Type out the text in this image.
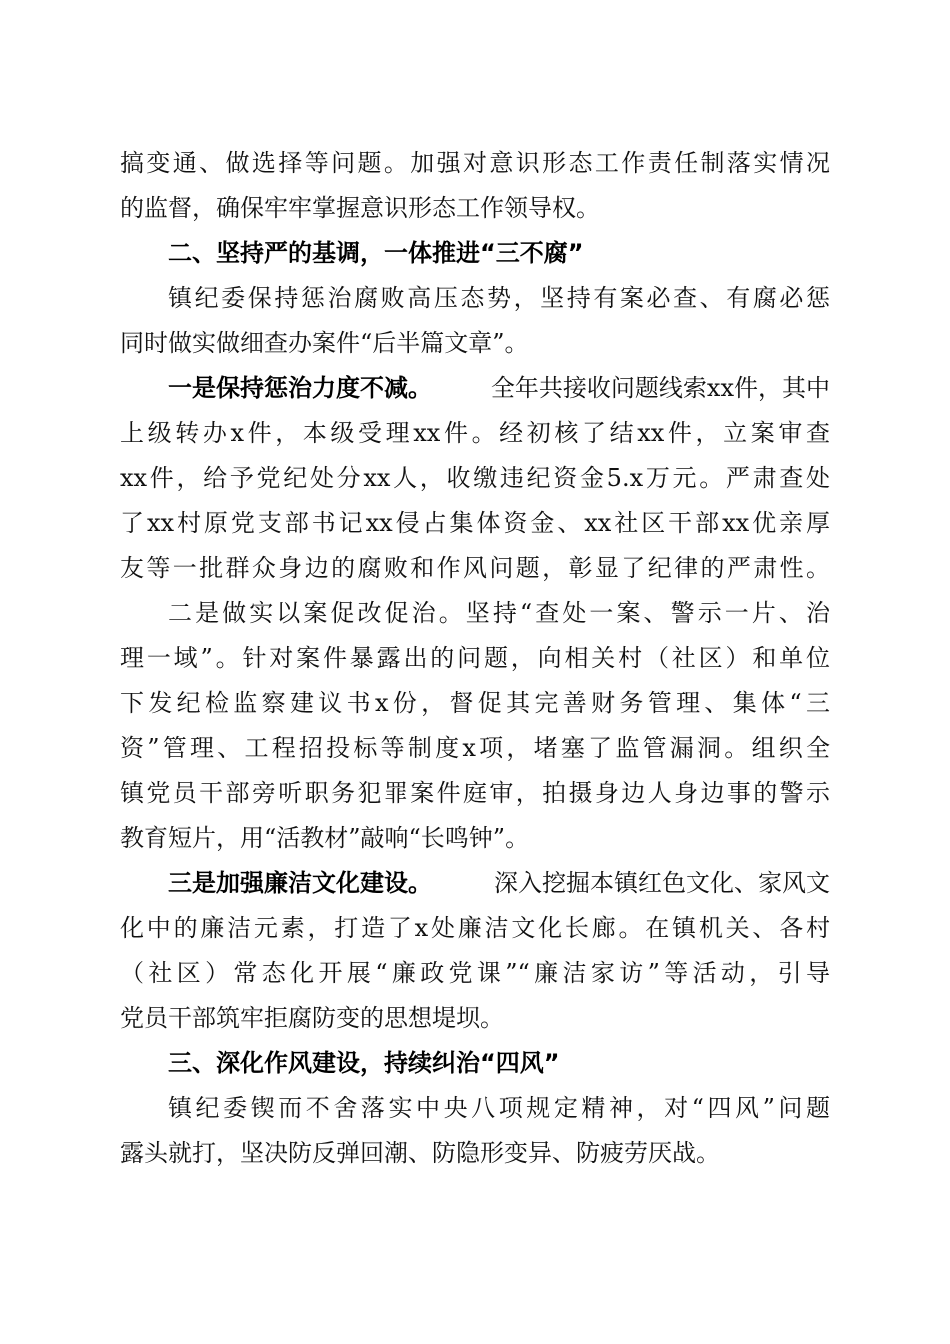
搞变通、做选择等问题。加强对意识形态工作责任制落实情况
的监督，确保牢牢掌握意识形态工作领导权。
二、坚持严的基调，一体推进“三不腐”
镇纪委保持惩治腐败高压态势，坚持有案必查、有腐必惩
同时做实做细查办案件“后半篇文章”。
一是保持惩治力度不减。 全年共接收问题线索xx件，其中
上级转办x件，本级受理xx件。经初核了结xx件，立案审查
xx件，给予党纪处分xx人，收缴违纪资金5.x万元。严肃查处
了xx村原党支部书记xx侵占集体资金、xx社区干部xx优亲厚
友等一批群众身边的腐败和作风问题，彰显了纪律的严肃性。
二是做实以案促改促治。坚持“查处一案、警示一片、治
理一域”。针对案件暴露出的问题，向相关村（社区）和单位
下发纪检监察建议书x份，督促其完善财务管理、集体“三
资”管理、工程招投标等制度x项，堵塞了监管漏洞。组织全
镇党员干部旁听职务犯罪案件庭审，拍摄身边人身边事的警示
教育短片，用“活教材”敲响“长鸣钟”。
三是加强廉洁文化建设。	深入挖掘本镇红色文化、家风文
化中的廉洁元素，打造了x处廉洁文化长廊。在镇机关、各村
（社区）常态化开展“廉政党课”“廉洁家访”等活动，引导
党员干部筑牢拒腐防变的思想堤坝。
三、深化作风建设，持续纠治“四风”
镇纪委锲而不舍落实中央八项规定精神，对“四风”问题
露头就打，坚决防反弹回潮、防隐形变异、防疲劳厌战。
